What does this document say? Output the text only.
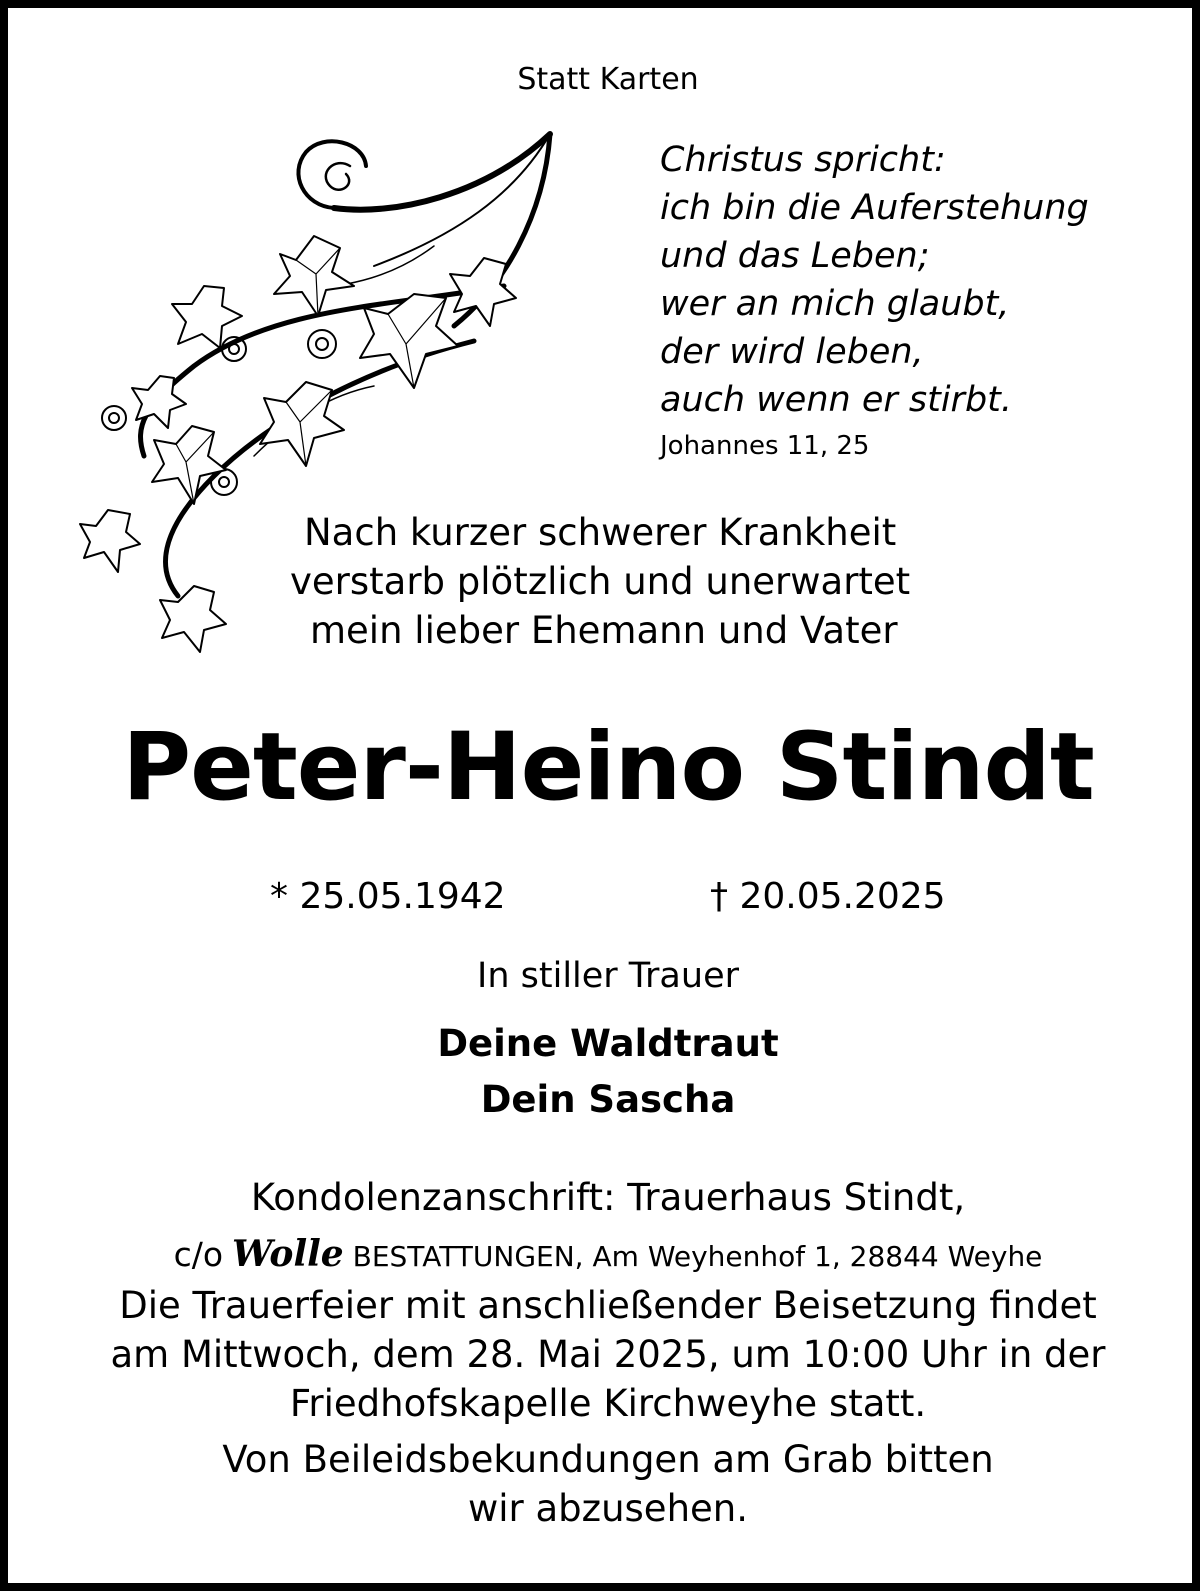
Statt Karten

Christus spricht:

ich bin die Auferstehung

und das Leben;

wer an mich glaubt,

der wird leben,

auch wenn er stirbt.

Johannes 11, 25

Nach kurzer schwerer Krankheit

verstarb plötzlich und unerwartet

mein lieber Ehemann und Vater

Peter-Heino Stindt

* 25.05.1942	† 20.05.2025

In stiller Trauer

Deine Waldtraut

Dein Sascha

Kondolenzanschrift: Trauerhaus Stindt,

c/o Wolle BESTATTUNGEN, Am Weyhenhof 1, 28844 Weyhe

Die Trauerfeier mit anschließender Beisetzung findet

am Mittwoch, dem 28. Mai 2025, um 10:00 Uhr in der

Friedhofskapelle Kirchweyhe statt.

Von Beileidsbekundungen am Grab bitten

wir abzusehen.
